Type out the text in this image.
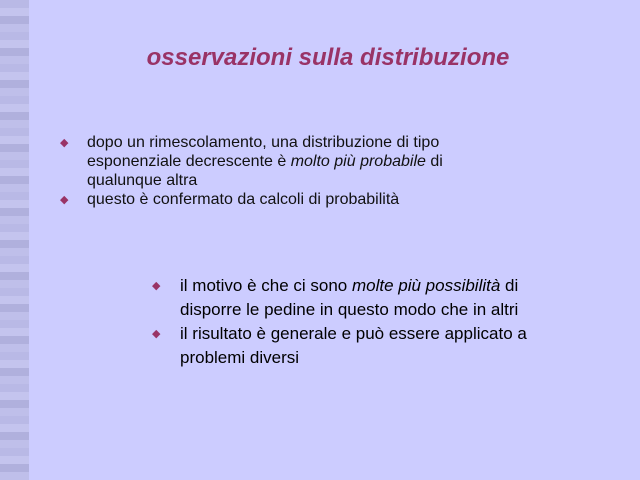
osservazioni sulla distribuzione
◆ dopo un rimescolamento, una distribuzione di tipo esponenziale decrescente è molto più probabile di qualunque altra
◆ questo è confermato da calcoli di probabilità
◆ il motivo è che ci sono molte più possibilità di disporre le pedine in questo modo che in altri
◆ il risultato è generale e può essere applicato a problemi diversi
